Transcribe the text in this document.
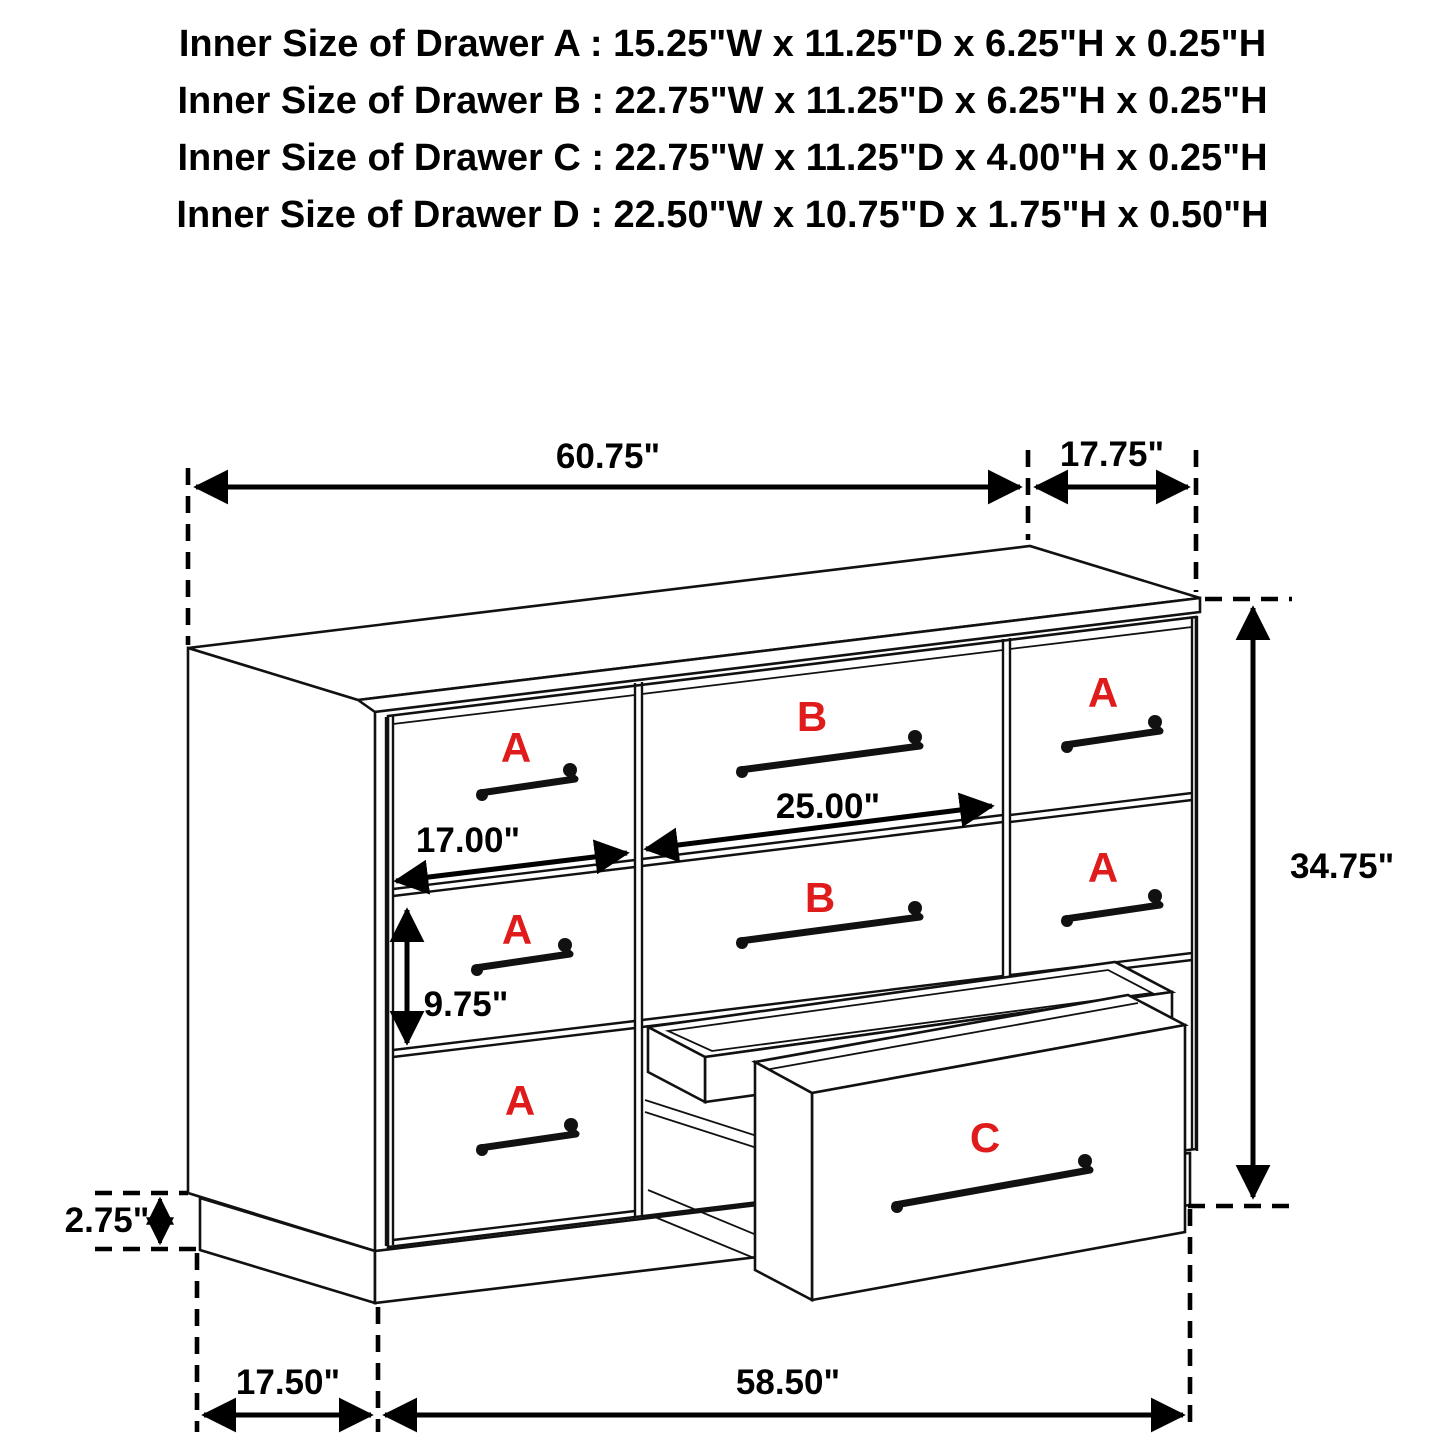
Inner Size of Drawer A : 15.25"W x 11.25"D x 6.25"H x 0.25"H
Inner Size of Drawer B : 22.75"W x 11.25"D x 6.25"H x 0.25"H
Inner Size of Drawer C : 22.75"W x 11.25"D x 4.00"H x 0.25"H
Inner Size of Drawer D : 22.50"W x 10.75"D x 1.75"H x 0.50"H
A
A
A
B
B
A
A
C
60.75"	17.75"
34.75"
25.00"
17.00"
9.75"
2.75"
17.50"	58.50"
